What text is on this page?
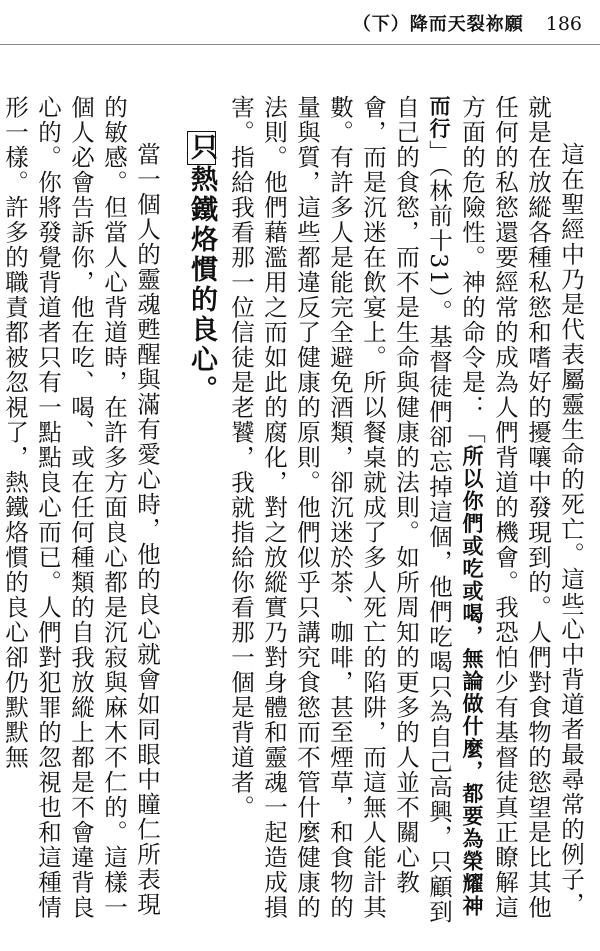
（下）降而天裂祢願 186

這在聖經中乃是代表屬靈生命的死亡。這些心中背道者最尋常的例子，就是在放縱各種私慾和嗜好的擾嚷中發現到的。人們對食物的慾望是比其他任何的私慾還要經常的成為人們背道的機會。我恐怕少有基督徒真正瞭解這方面的危險性。神的命令是：「所以你們或吃或喝，無論做什麼，都要為榮耀神而行」（林前十31）。基督徒們卻忘掉這個，他們吃喝只為自己高興，只顧到自己的食慾，而不是生命與健康的法則。如所周知的更多的人並不關心教會，而是沉迷在飲宴上。所以餐桌就成了多人死亡的陷阱，而這無人能計其數。有許多人是能完全避免酒類，卻沉迷於茶、咖啡，甚至煙草，和食物的量與質，這些都違反了健康的原則。他們似乎只講究食慾而不管什麼健康的法則。他們藉濫用之而如此的腐化，對之放縱實乃對身體和靈魂一起造成損害。指給我看那一位信徒是老饕，我就指給你看那一個是背道者。

只熱鐵烙慣的良心。

當一個人的靈魂甦醒與滿有愛心時，他的良心就會如同眼中瞳仁所表現的敏感。但當人心背道時，在許多方面良心都是沉寂與麻木不仁的。這樣一個人必會告訴你，他在吃、喝、或在任何種類的自我放縱上都是不會違背良心的。你將發覺背道者只有一點點良心而已。人們對犯罪的忽視也和這種情形一樣。許多的職責都被忽視了，熱鐵烙慣的良心卻仍默默無
